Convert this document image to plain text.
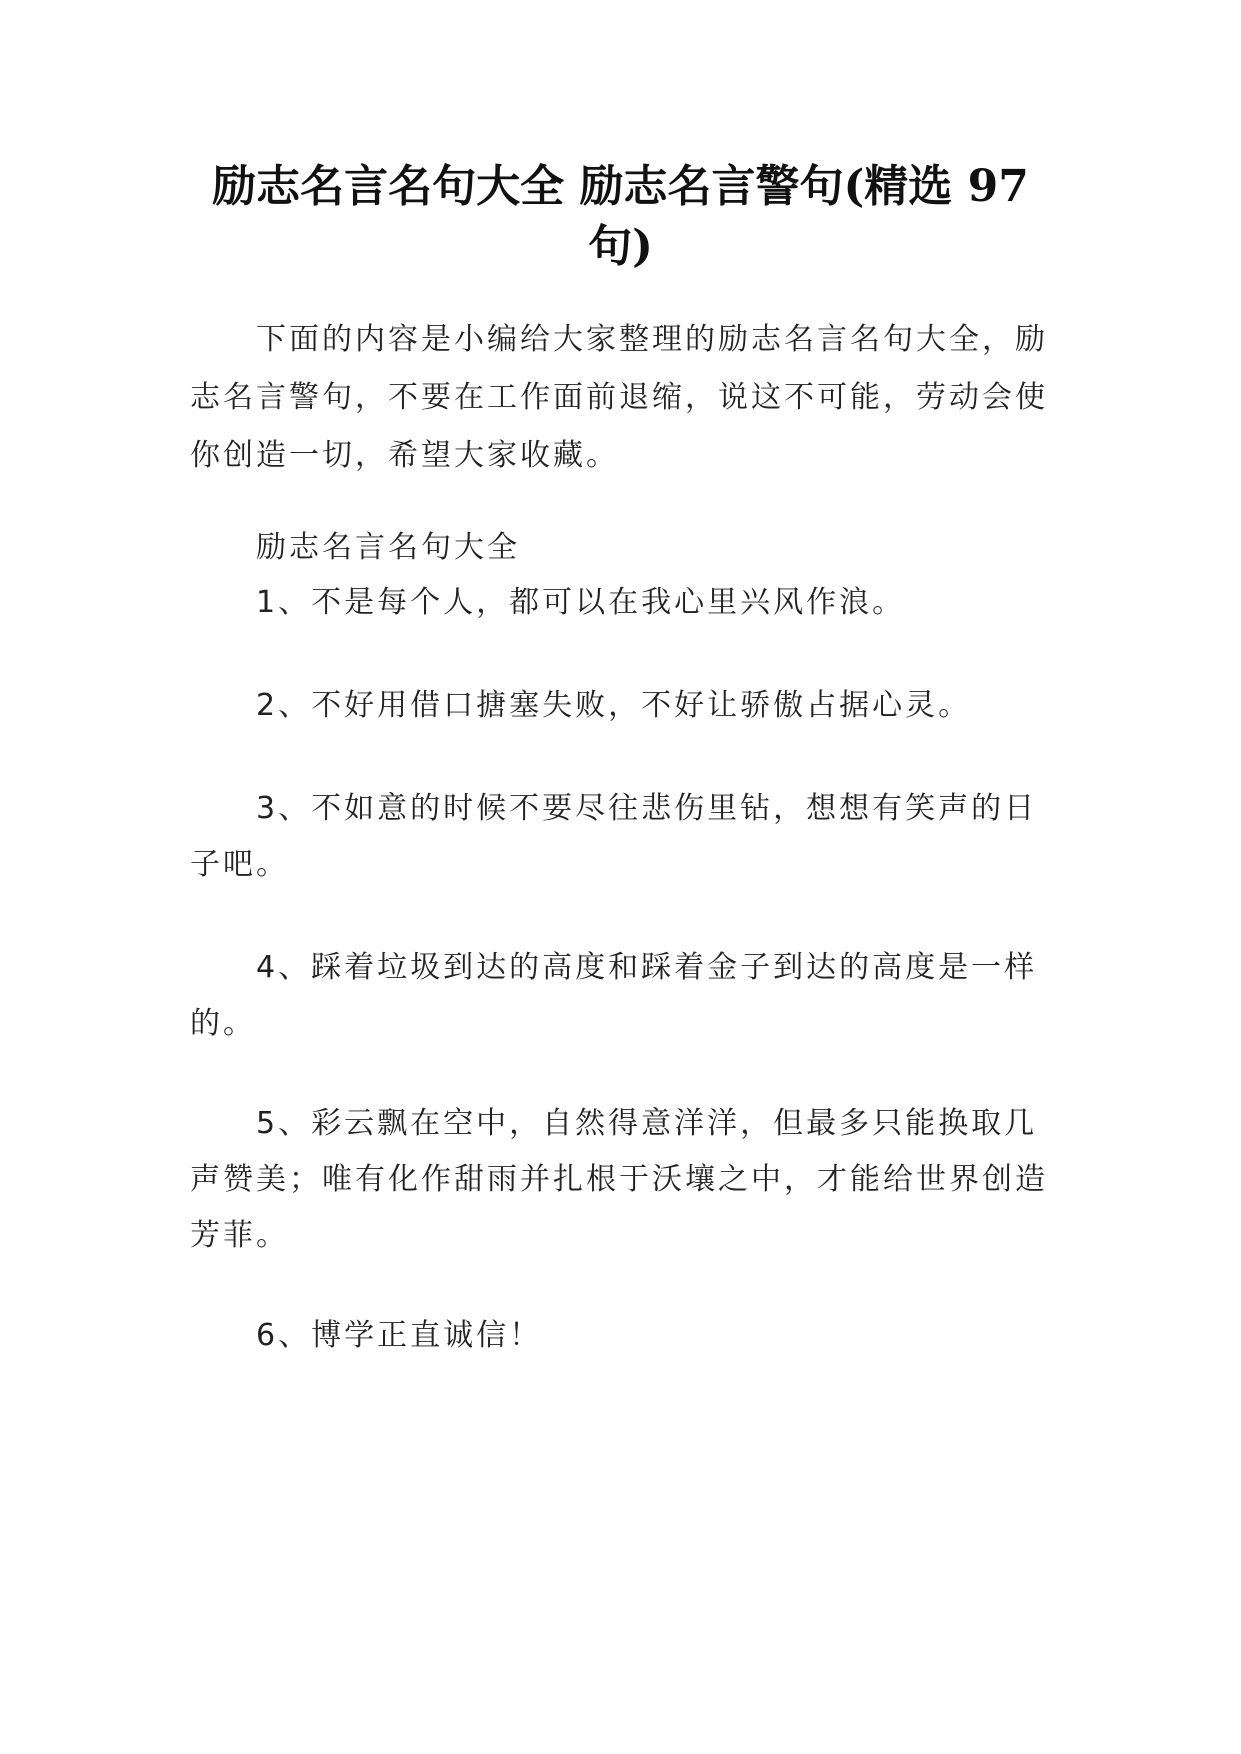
励志名言名句大全 励志名言警句(精选 97
句)
下面的内容是小编给大家整理的励志名言名句大全，励
志名言警句，不要在工作面前退缩，说这不可能，劳动会使
你创造一切，希望大家收藏。
励志名言名句大全
1、不是每个人，都可以在我心里兴风作浪。
2、不好用借口搪塞失败，不好让骄傲占据心灵。
3、不如意的时候不要尽往悲伤里钻，想想有笑声的日
子吧。
4、踩着垃圾到达的高度和踩着金子到达的高度是一样
的。
5、彩云飘在空中，自然得意洋洋，但最多只能换取几
声赞美；唯有化作甜雨并扎根于沃壤之中，才能给世界创造
芳菲。
6、博学正直诚信！
